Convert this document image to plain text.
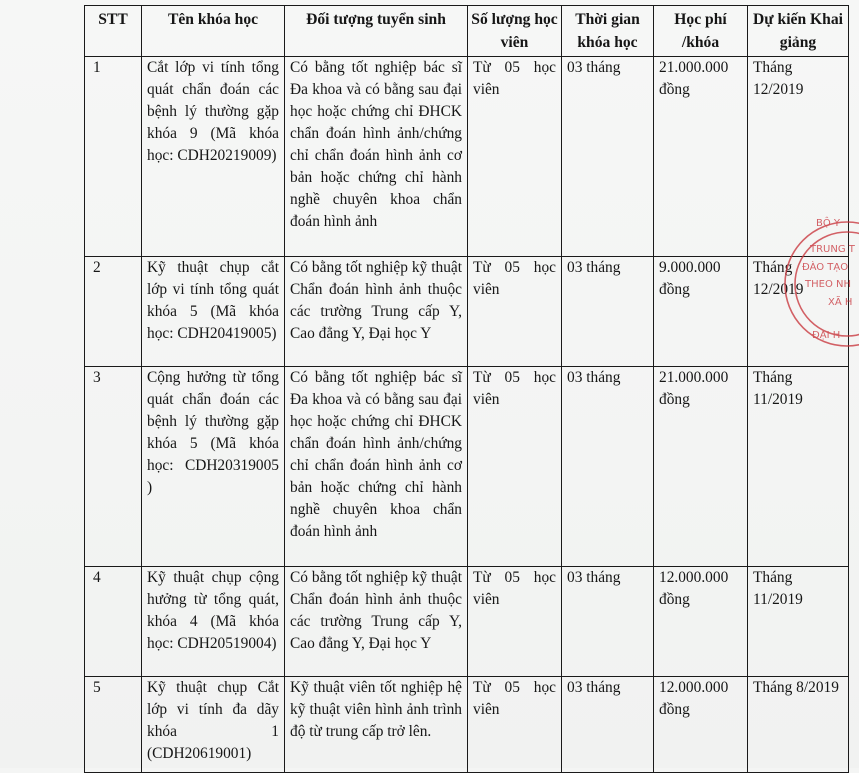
STT	Tên khóa học	Đối tượng tuyển sinh	Số lượng học viên	Thời gian khóa học	Học phí /khóa	Dự kiến Khai giảng
1	Cắt lớp vi tính tổng quát chẩn đoán các bệnh lý thường gặp khóa 9 (Mã khóa học: CDH20219009)	Có bằng tốt nghiệp bác sĩ Đa khoa và có bằng sau đại học hoặc chứng chỉ ĐHCK chẩn đoán hình ảnh/chứng chỉ chẩn đoán hình ảnh cơ bản hoặc chứng chỉ hành nghề chuyên khoa chẩn đoán hình ảnh	Từ 05 học viên	03 tháng	21.000.000 đồng	Tháng 12/2019
2	Kỹ thuật chụp cắt lớp vi tính tổng quát khóa 5 (Mã khóa học: CDH20419005)	Có bằng tốt nghiệp kỹ thuật Chẩn đoán hình ảnh thuộc các trường Trung cấp Y, Cao đẳng Y, Đại học Y	Từ 05 học viên	03 tháng	9.000.000 đồng	Tháng 12/2019
3	Cộng hưởng từ tổng quát chẩn đoán các bệnh lý thường gặp khóa 5 (Mã khóa học: CDH20319005 )	Có bằng tốt nghiệp bác sĩ Đa khoa và có bằng sau đại học hoặc chứng chỉ ĐHCK chẩn đoán hình ảnh/chứng chỉ chẩn đoán hình ảnh cơ bản hoặc chứng chỉ hành nghề chuyên khoa chẩn đoán hình ảnh	Từ 05 học viên	03 tháng	21.000.000 đồng	Tháng 11/2019
4	Kỹ thuật chụp cộng hưởng từ tổng quát, khóa 4 (Mã khóa học: CDH20519004)	Có bằng tốt nghiệp kỹ thuật Chẩn đoán hình ảnh thuộc các trường Trung cấp Y, Cao đẳng Y, Đại học Y	Từ 05 học viên	03 tháng	12.000.000 đồng	Tháng 11/2019
5	Kỹ thuật chụp Cắt lớp vi tính đa dãy khóa 1 (CDH20619001)	Kỹ thuật viên tốt nghiệp hệ kỹ thuật viên hình ảnh trình độ từ trung cấp trở lên.	Từ 05 học viên	03 tháng	12.000.000 đồng	Tháng 8/2019
BỘ Y
TRUNG T
ĐÀO TẠO
THEO NH
XÃ H
ĐẠI H
